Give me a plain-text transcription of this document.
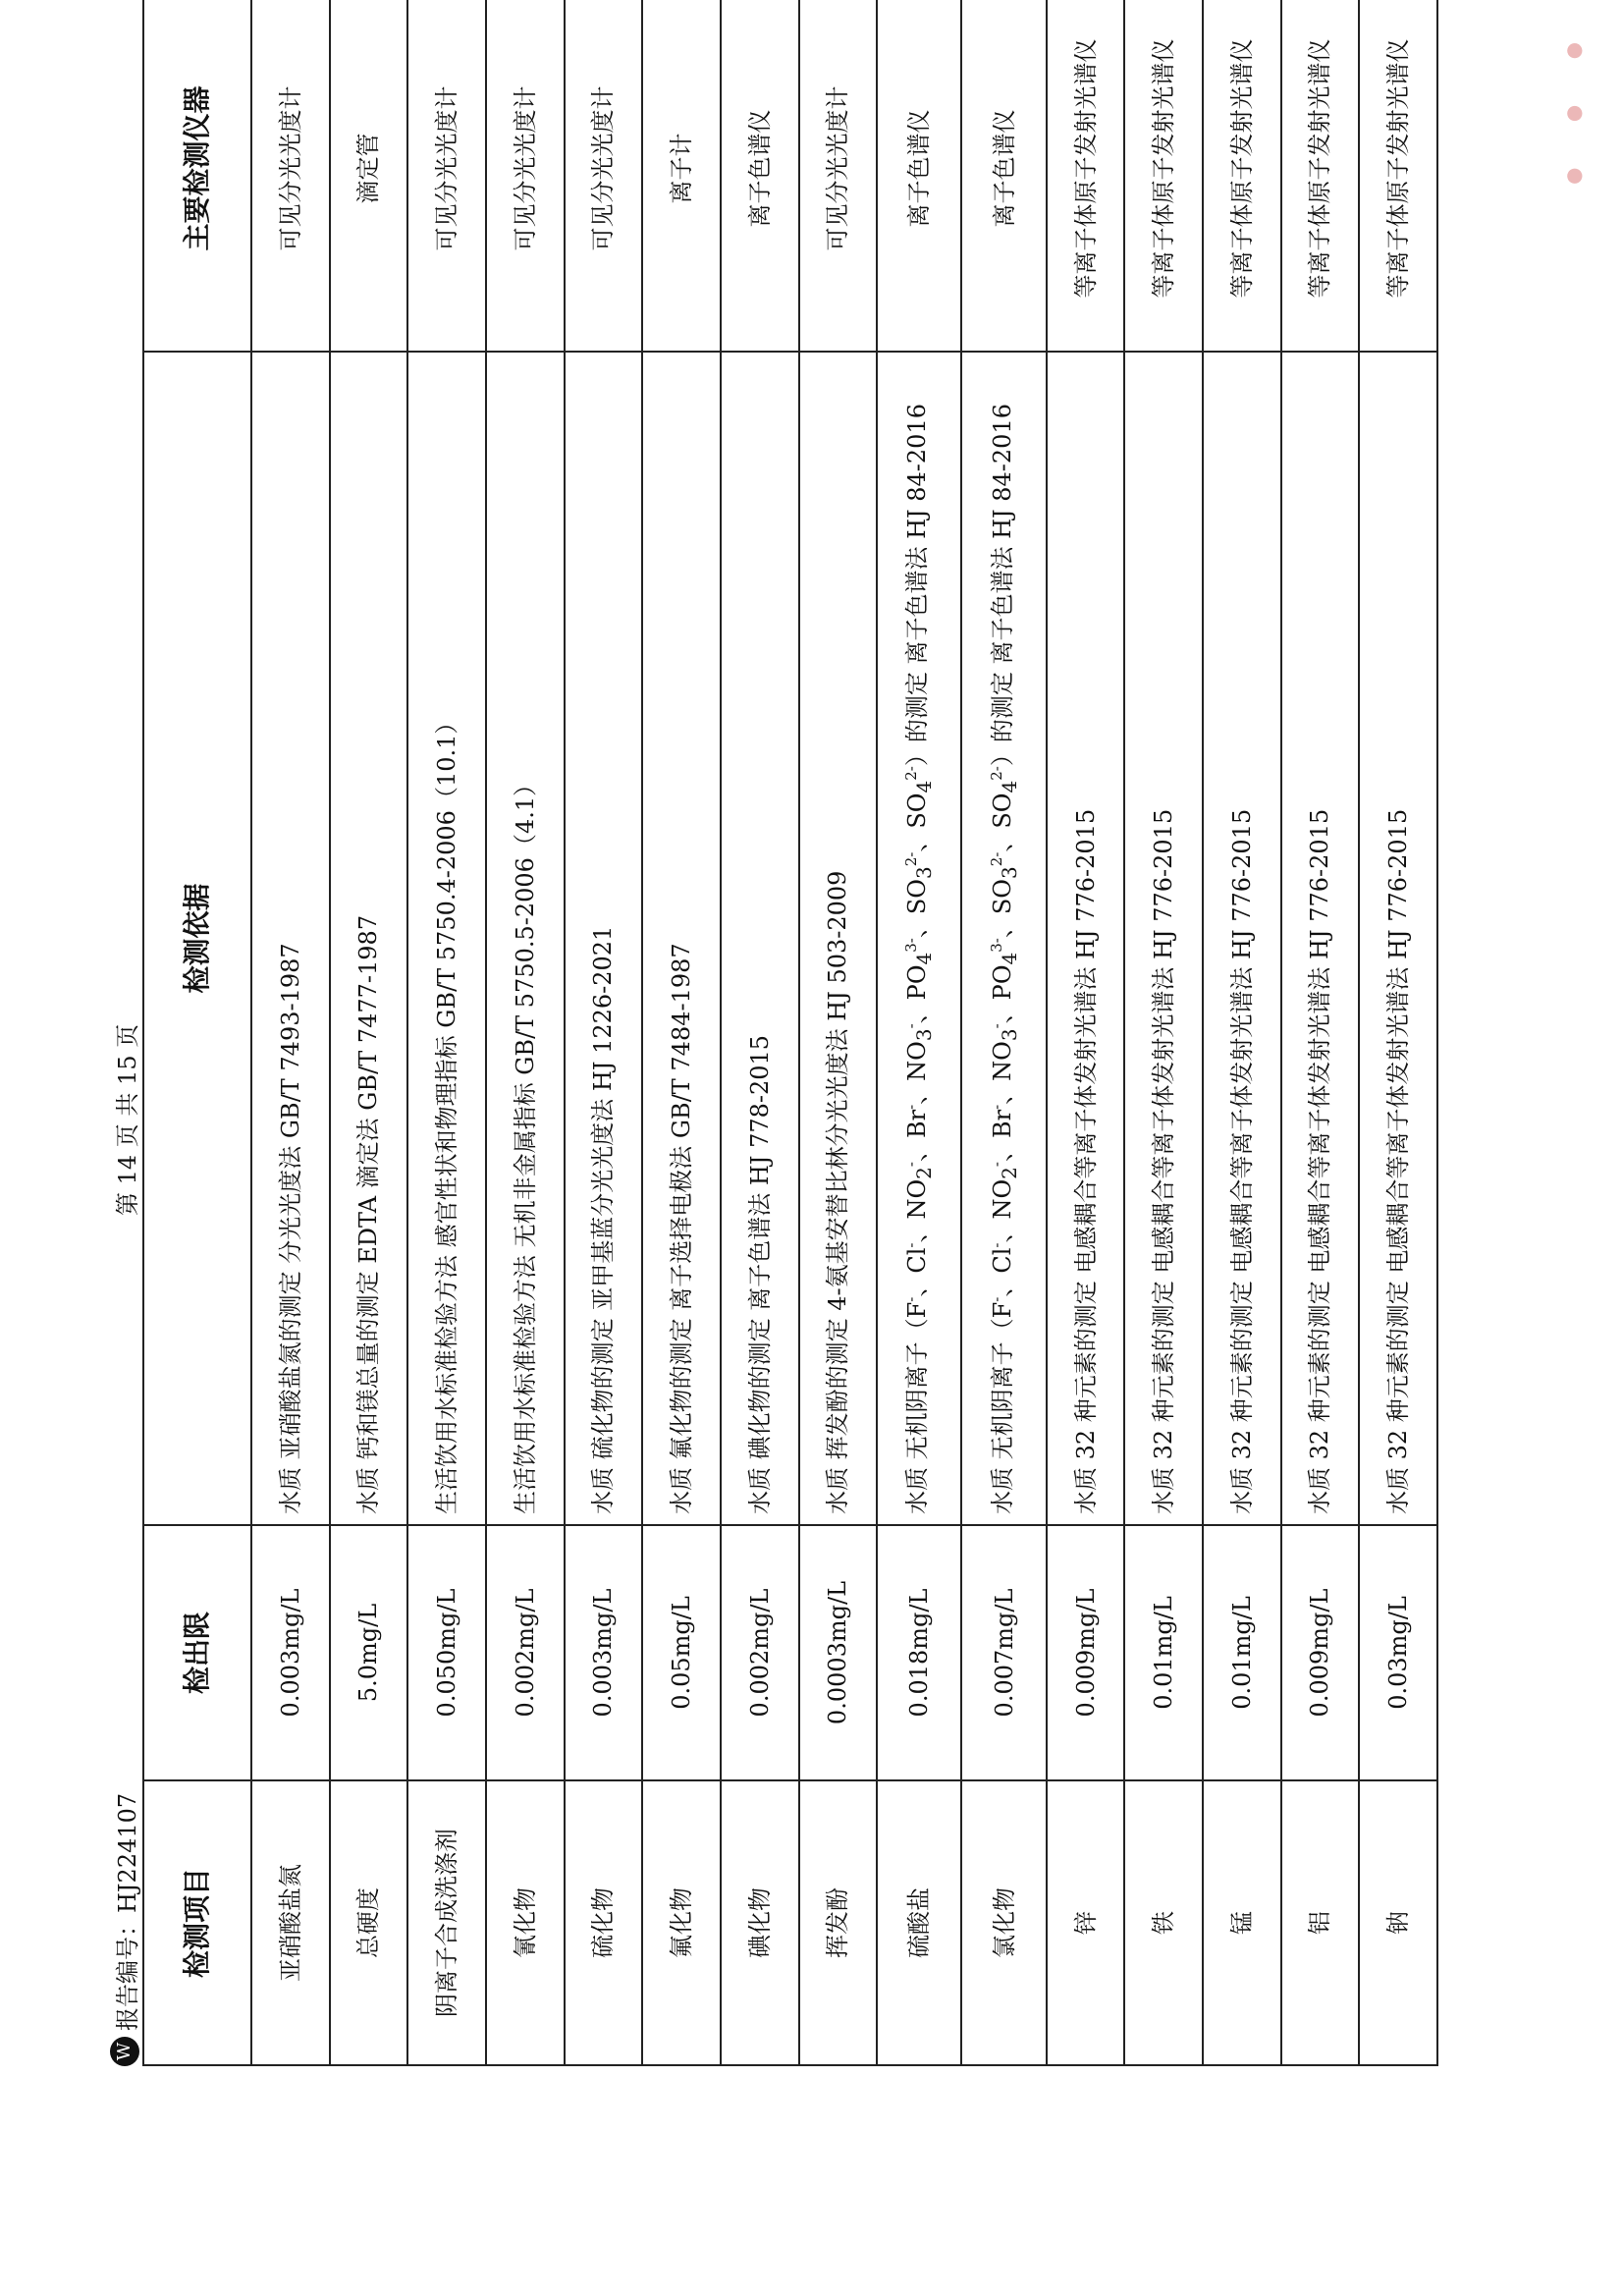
W
报告编号：HJ224107
第 14 页 共 15 页
检测项目	检出限	检测依据	主要检测仪器
亚硝酸盐氮	0.003mg/L	水质 亚硝酸盐氮的测定 分光光度法 GB/T 7493-1987	可见分光光度计
总硬度	5.0mg/L	水质 钙和镁总量的测定 EDTA 滴定法 GB/T 7477-1987	滴定管
阴离子合成洗涤剂	0.050mg/L	生活饮用水标准检验方法 感官性状和物理指标 GB/T 5750.4-2006（10.1）	可见分光光度计
氰化物	0.002mg/L	生活饮用水标准检验方法 无机非金属指标 GB/T 5750.5-2006（4.1）	可见分光光度计
硫化物	0.003mg/L	水质 硫化物的测定 亚甲基蓝分光光度法 HJ 1226-2021	可见分光光度计
氟化物	0.05mg/L	水质 氟化物的测定 离子选择电极法 GB/T 7484-1987	离子计
碘化物	0.002mg/L	水质 碘化物的测定 离子色谱法 HJ 778-2015	离子色谱仪
挥发酚	0.0003mg/L	水质 挥发酚的测定 4-氨基安替比林分光光度法 HJ 503-2009	可见分光光度计
硫酸盐	0.018mg/L	水质 无机阴离子（F-、Cl-、$NO_2^-$、Br-、$NO_3^-$、$PO_4^{3-}$、$SO_3^{2-}$、$SO_4^{2-}$）的测定 离子色谱法 HJ 84-2016	离子色谱仪
氯化物	0.007mg/L	水质 无机阴离子（F-、Cl-、$NO_2^-$、Br-、$NO_3^-$、$PO_4^{3-}$、$SO_3^{2-}$、$SO_4^{2-}$）的测定 离子色谱法 HJ 84-2016	离子色谱仪
锌	0.009mg/L	水质 32 种元素的测定 电感耦合等离子体发射光谱法 HJ 776-2015	等离子体原子发射光谱仪
铁	0.01mg/L	水质 32 种元素的测定 电感耦合等离子体发射光谱法 HJ 776-2015	等离子体原子发射光谱仪
锰	0.01mg/L	水质 32 种元素的测定 电感耦合等离子体发射光谱法 HJ 776-2015	等离子体原子发射光谱仪
铝	0.009mg/L	水质 32 种元素的测定 电感耦合等离子体发射光谱法 HJ 776-2015	等离子体原子发射光谱仪
钠	0.03mg/L	水质 32 种元素的测定 电感耦合等离子体发射光谱法 HJ 776-2015	等离子体原子发射光谱仪	● ● ●
